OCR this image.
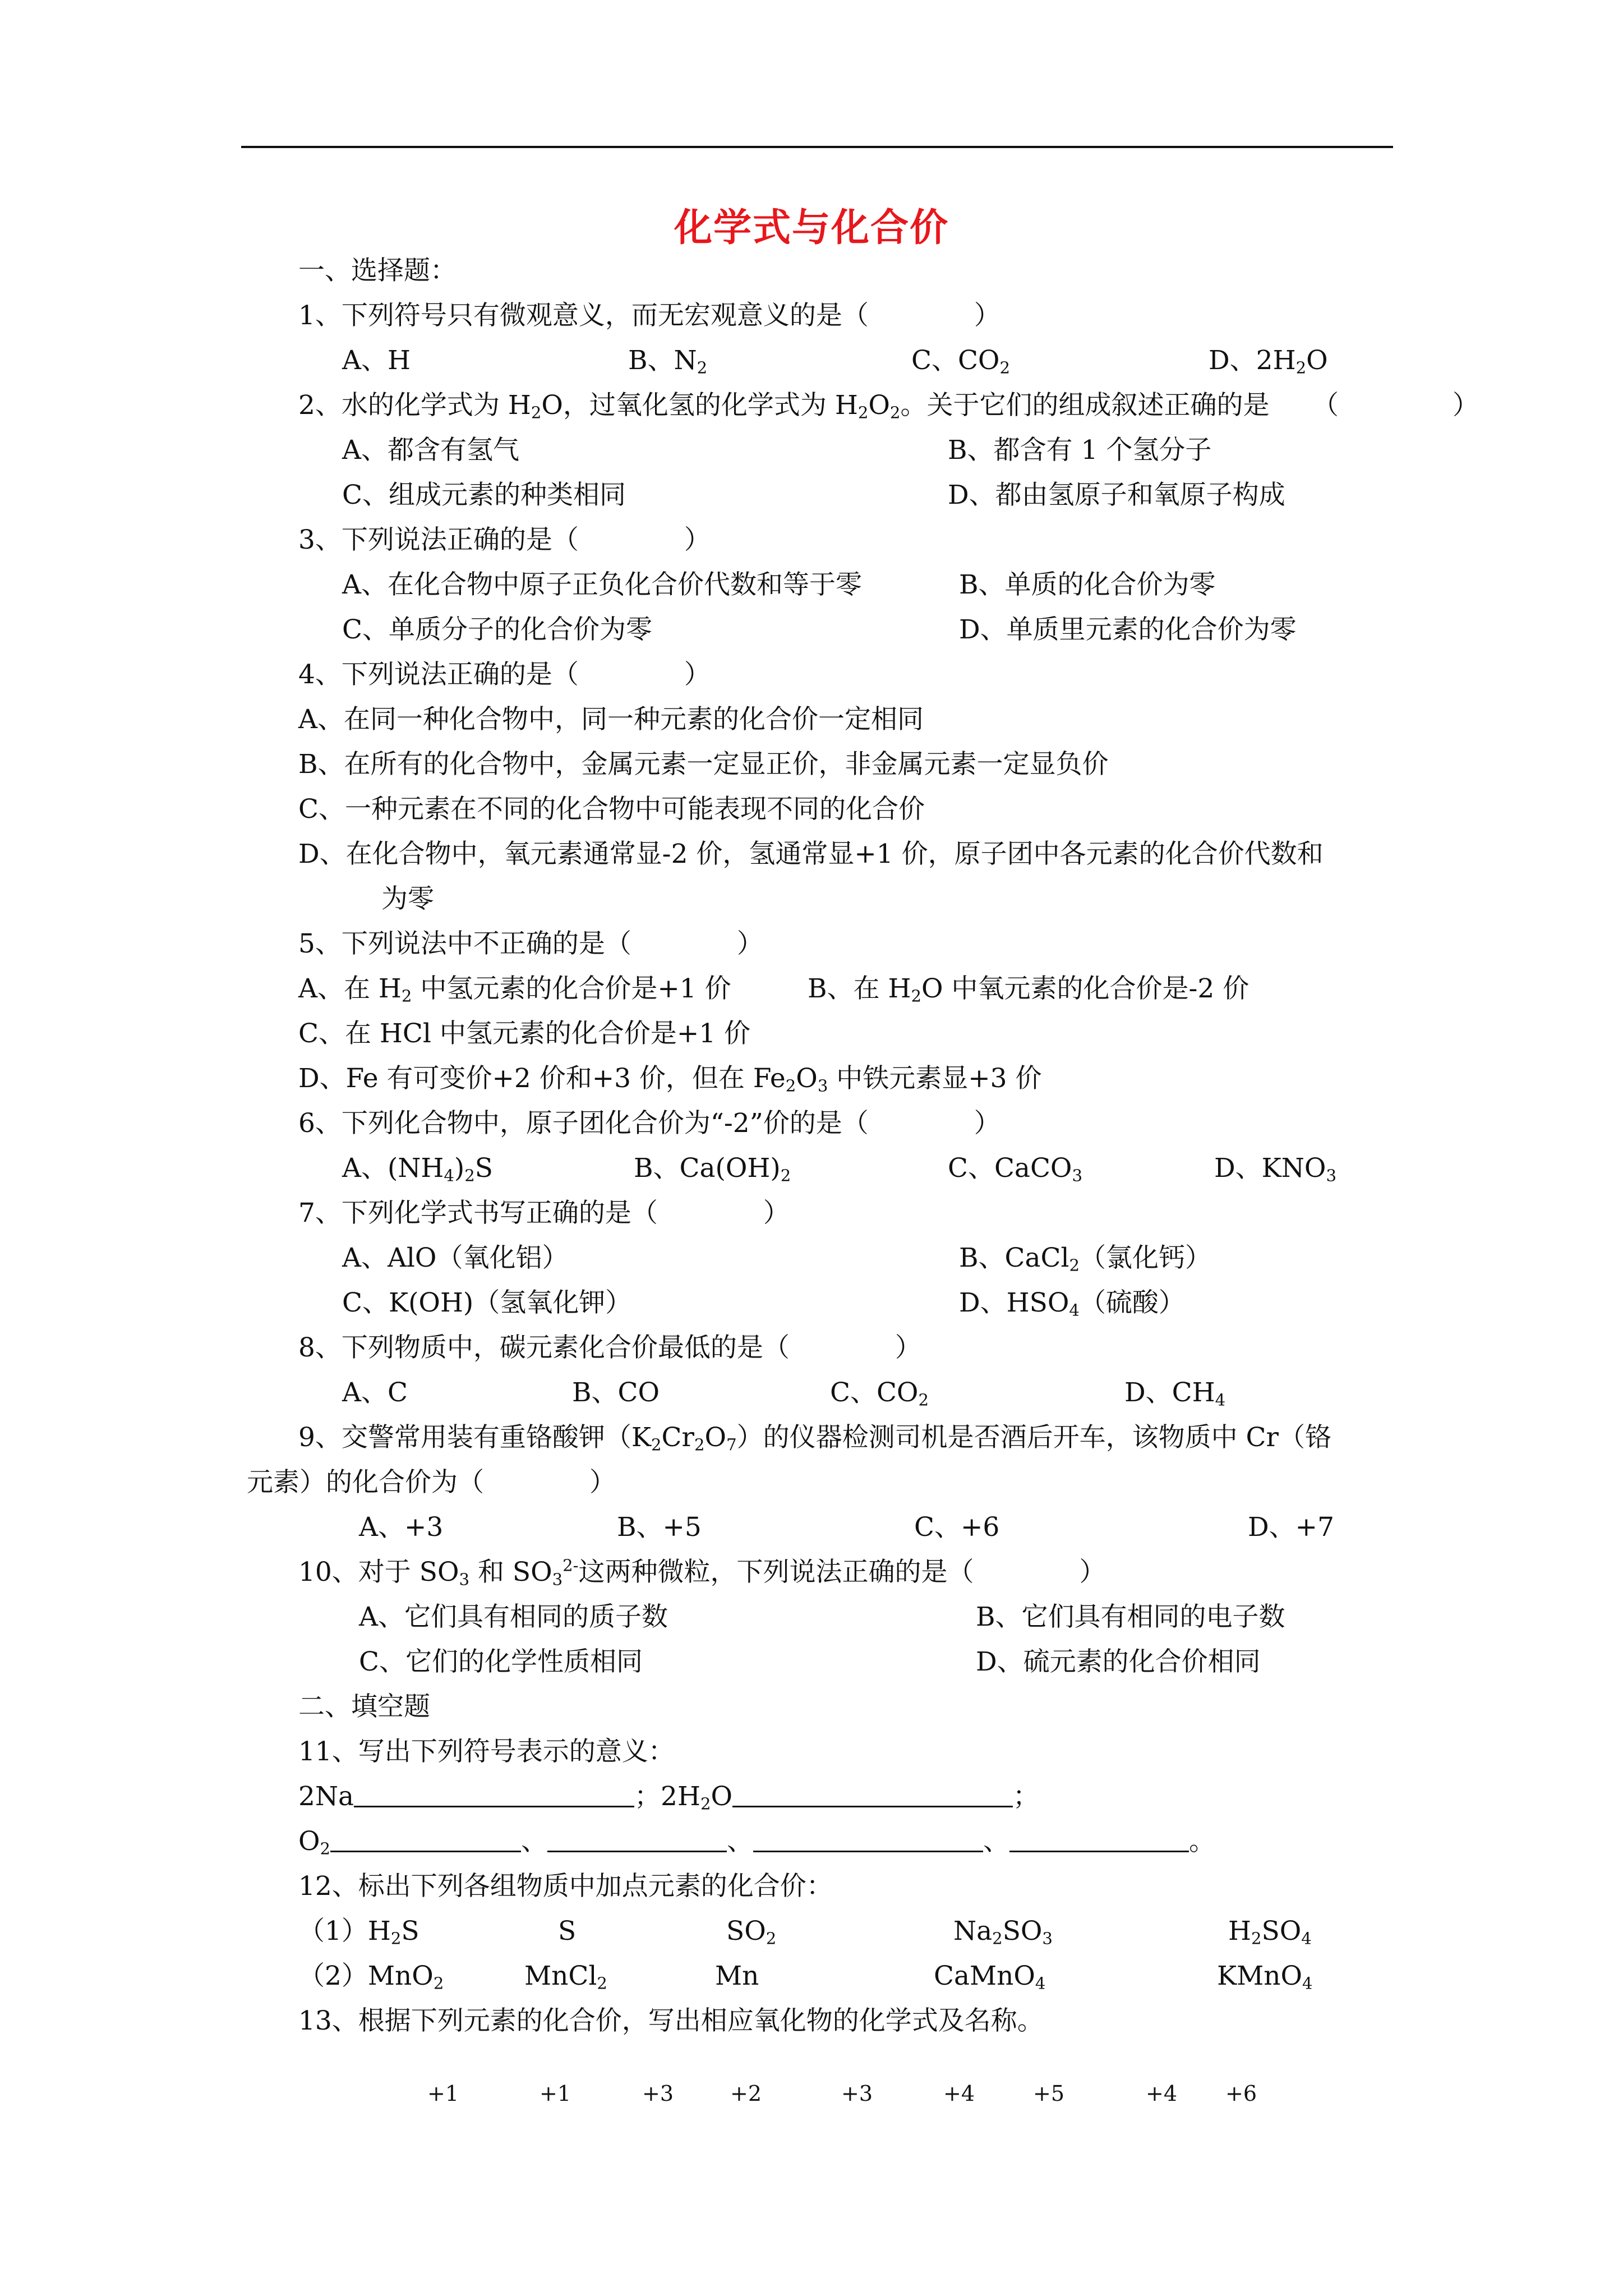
化学式与化合价
一、选择题：
1、下列符号只有微观意义，而无宏观意义的是（　　　　）
A、H	B、$N_2$	C、$CO_2$	D、$2H_2O$
2、水的化学式为 $H_2O$，过氧化氢的化学式为 $H_2O_2$。关于它们的组成叙述正确的是 （	）
A、都含有氢气	B、都含有 1 个氢分子
C、组成元素的种类相同	D、都由氢原子和氧原子构成
3、下列说法正确的是（　　　　）
A、在化合物中原子正负化合价代数和等于零	B、单质的化合价为零
C、单质分子的化合价为零	D、单质里元素的化合价为零
4、下列说法正确的是（　　　　）
A、在同一种化合物中，同一种元素的化合价一定相同
B、在所有的化合物中，金属元素一定显正价，非金属元素一定显负价
C、一种元素在不同的化合物中可能表现不同的化合价
D、在化合物中，氧元素通常显-2 价，氢通常显+1 价，原子团中各元素的化合价代数和
为零
5、下列说法中不正确的是（　　　　）
A、在 $H_2$ 中氢元素的化合价是+1 价	B、在 $H_2O$ 中氧元素的化合价是-2 价
C、在 HCl 中氢元素的化合价是+1 价
D、Fe 有可变价+2 价和+3 价，但在 $Fe_2O_3$ 中铁元素显+3 价
6、下列化合物中，原子团化合价为“-2”价的是（　　　　）
A、$(NH_4)_2S$	B、$Ca(OH)_2$	C、CaCO$_3$	D、$KNO_3$
7、下列化学式书写正确的是（　　　　）
A、AlO（氧化铝）	B、CaCl$_2$（氯化钙）
C、K(OH)（氢氧化钾）	D、$HSO_4$（硫酸）
8、下列物质中，碳元素化合价最低的是（　　　　）
A、C	B、CO	C、$CO_2$	D、$CH_4$
9、交警常用装有重铬酸钾$(K_2Cr_2O_7)$的仪器检测司机是否酒后开车，该物质中 Cr（铬
元素）的化合价为（　　　　）
A、+3	B、+5	C、+6	D、+7
10、对于 $SO_3$ 和 $SO_3^{2-}$这两种微粒，下列说法正确的是（　　　　）
A、它们具有相同的质子数	B、它们具有相同的电子数
C、它们的化学性质相同	D、硫元素的化合价相同
二、填空题
11、写出下列符号表示的意义：
2Na	；$2H_2O$	；
$O_2$	、	、	、	。
12、标出下列各组物质中加点元素的化合价：
$(1)H_2S$	S	$SO_2$	$Na_2SO_3$	$H_2SO_4$
（2）MnO$_2$	MnCl$_2$	Mn	CaMnO$_4$	KMnO$_4$
13、根据下列元素的化合价，写出相应氧化物的化学式及名称。
+1	+1	+3	+2	+3	+4	+5	+4 +6
